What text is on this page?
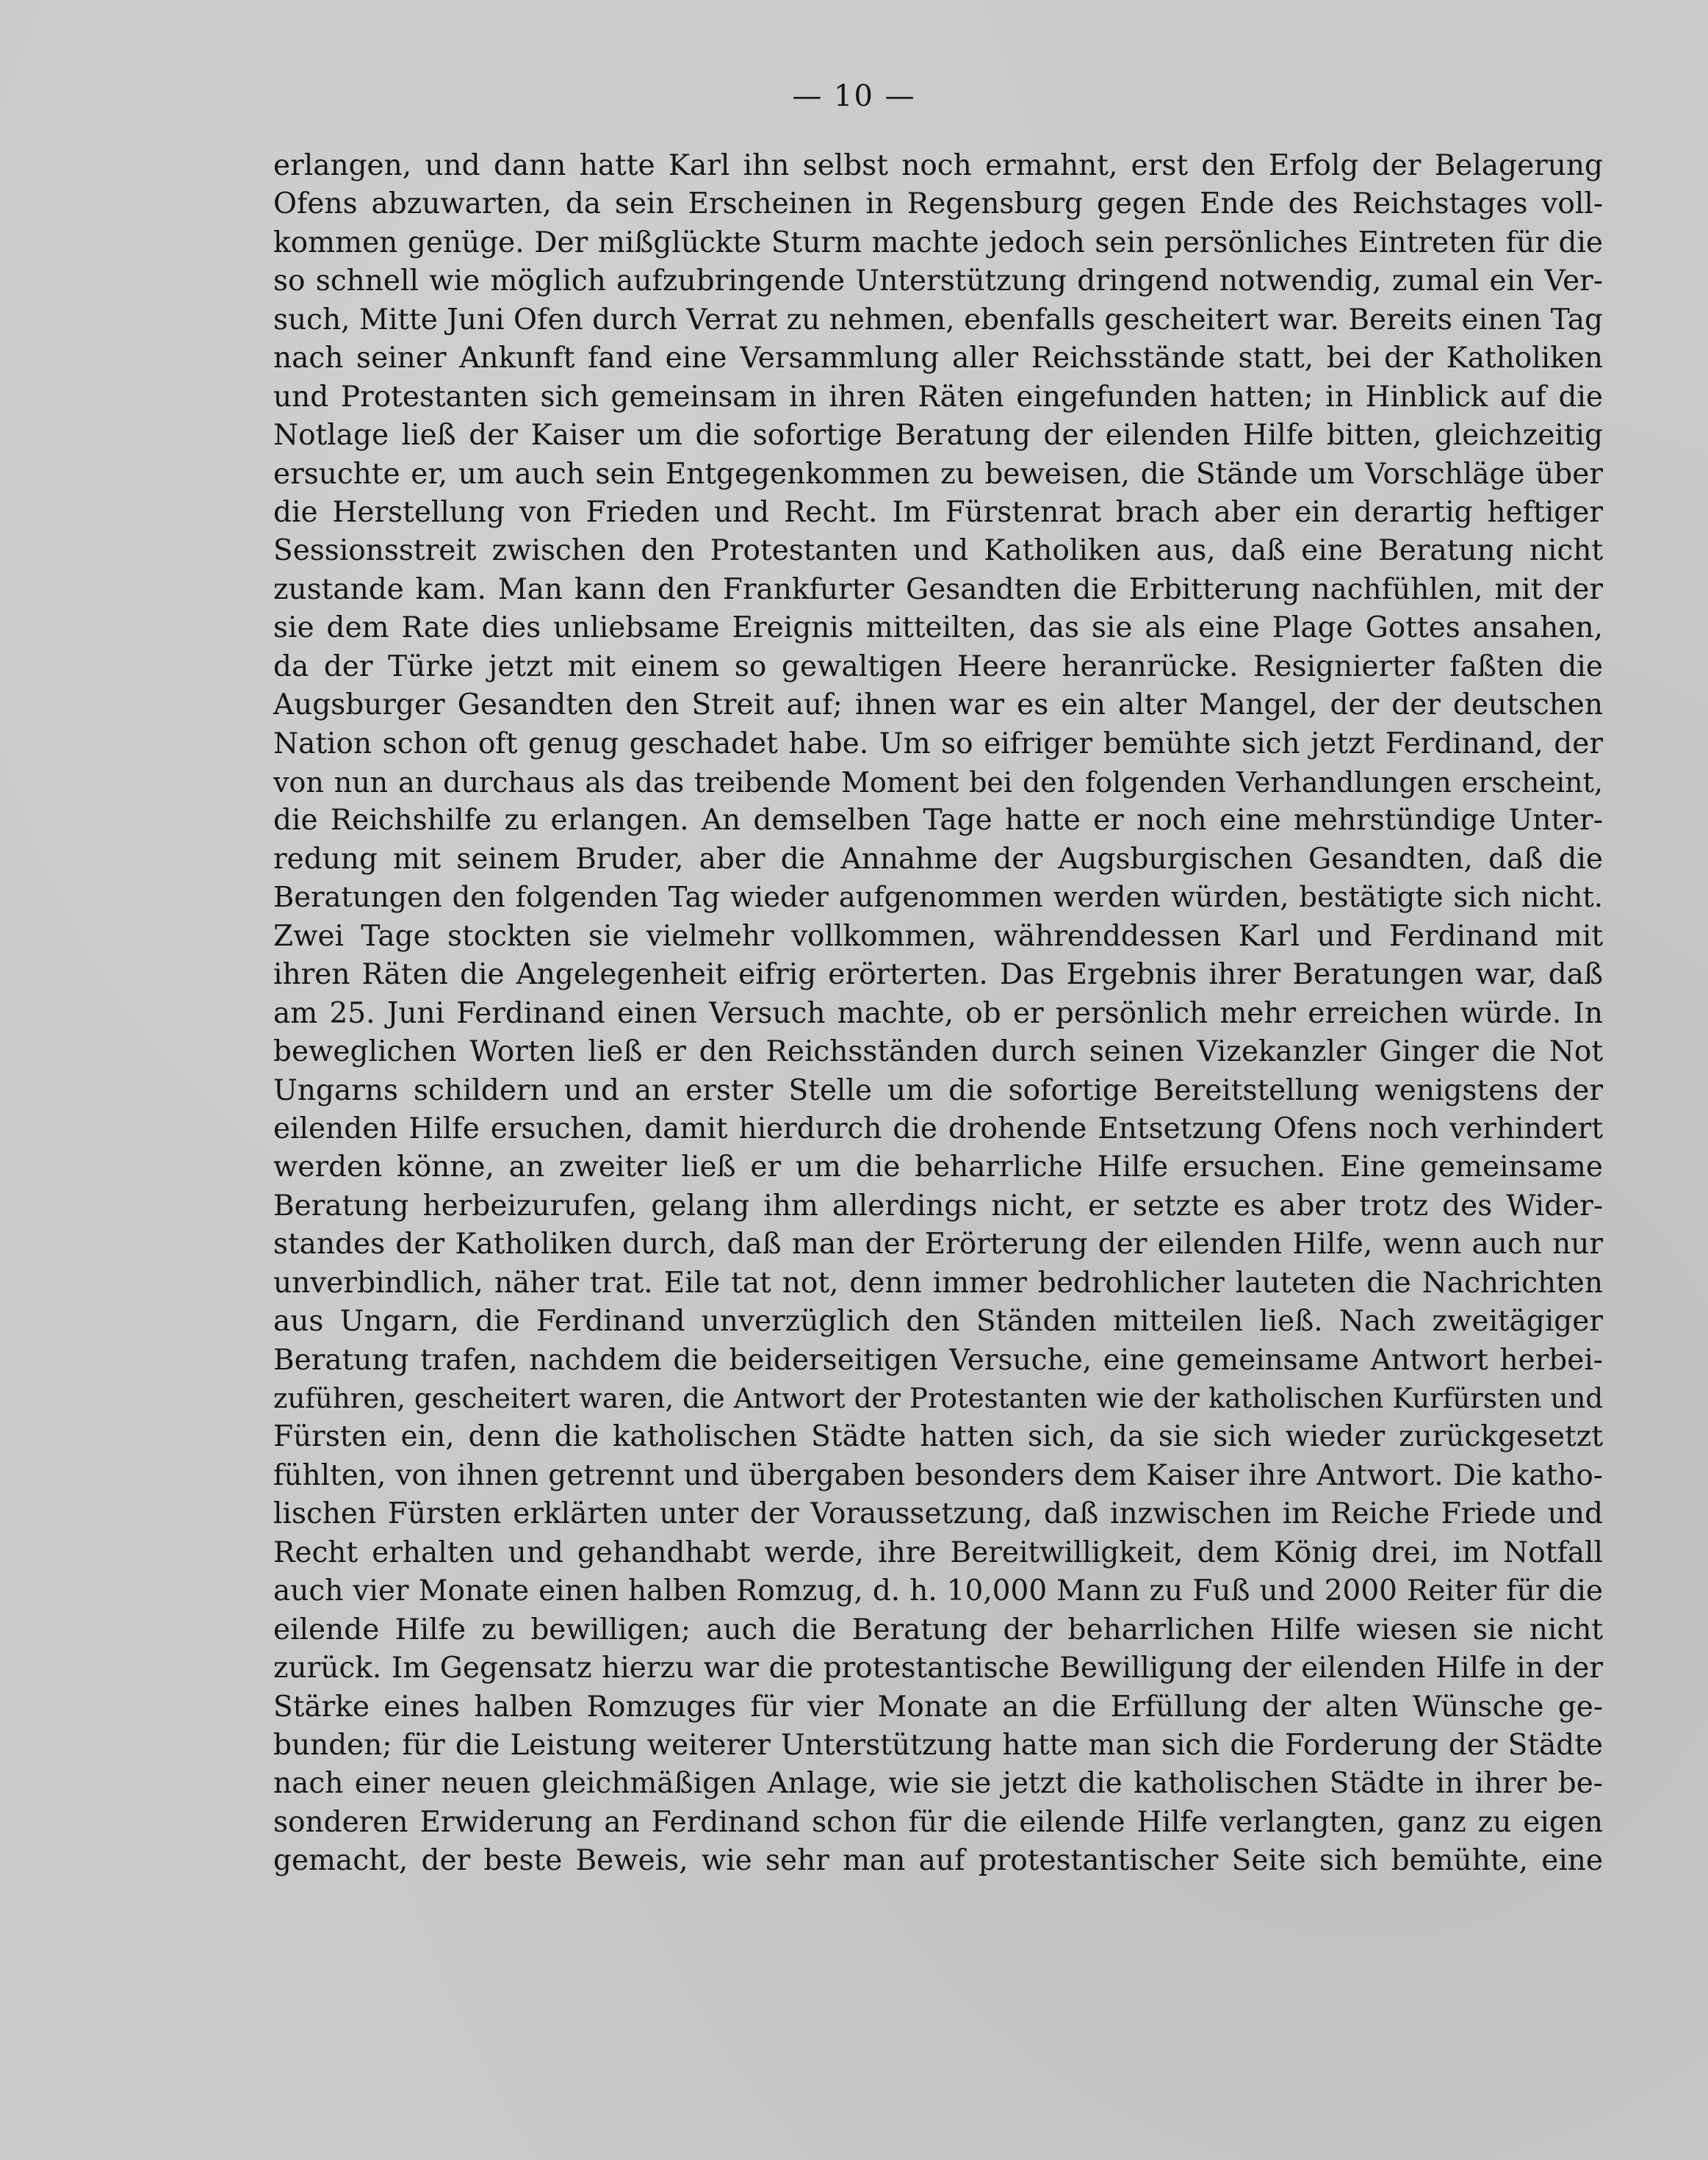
— 10 —
erlangen, und dann hatte Karl ihn selbst noch ermahnt, erst den Erfolg der Belagerung
Ofens abzuwarten, da sein Erscheinen in Regensburg gegen Ende des Reichstages voll-
kommen genüge. Der mißglückte Sturm machte jedoch sein persönliches Eintreten für die
so schnell wie möglich aufzubringende Unterstützung dringend notwendig, zumal ein Ver-
such, Mitte Juni Ofen durch Verrat zu nehmen, ebenfalls gescheitert war. Bereits einen Tag
nach seiner Ankunft fand eine Versammlung aller Reichsstände statt, bei der Katholiken
und Protestanten sich gemeinsam in ihren Räten eingefunden hatten; in Hinblick auf die
Notlage ließ der Kaiser um die sofortige Beratung der eilenden Hilfe bitten, gleichzeitig
ersuchte er, um auch sein Entgegenkommen zu beweisen, die Stände um Vorschläge über
die Herstellung von Frieden und Recht. Im Fürstenrat brach aber ein derartig heftiger
Sessionsstreit zwischen den Protestanten und Katholiken aus, daß eine Beratung nicht
zustande kam. Man kann den Frankfurter Gesandten die Erbitterung nachfühlen, mit der
sie dem Rate dies unliebsame Ereignis mitteilten, das sie als eine Plage Gottes ansahen,
da der Türke jetzt mit einem so gewaltigen Heere heranrücke. Resignierter faßten die
Augsburger Gesandten den Streit auf; ihnen war es ein alter Mangel, der der deutschen
Nation schon oft genug geschadet habe. Um so eifriger bemühte sich jetzt Ferdinand, der
von nun an durchaus als das treibende Moment bei den folgenden Verhandlungen erscheint,
die Reichshilfe zu erlangen. An demselben Tage hatte er noch eine mehrstündige Unter-
redung mit seinem Bruder, aber die Annahme der Augsburgischen Gesandten, daß die
Beratungen den folgenden Tag wieder aufgenommen werden würden, bestätigte sich nicht.
Zwei Tage stockten sie vielmehr vollkommen, währenddessen Karl und Ferdinand mit
ihren Räten die Angelegenheit eifrig erörterten. Das Ergebnis ihrer Beratungen war, daß
am 25. Juni Ferdinand einen Versuch machte, ob er persönlich mehr erreichen würde. In
beweglichen Worten ließ er den Reichsständen durch seinen Vizekanzler Ginger die Not
Ungarns schildern und an erster Stelle um die sofortige Bereitstellung wenigstens der
eilenden Hilfe ersuchen, damit hierdurch die drohende Entsetzung Ofens noch verhindert
werden könne, an zweiter ließ er um die beharrliche Hilfe ersuchen. Eine gemeinsame
Beratung herbeizurufen, gelang ihm allerdings nicht, er setzte es aber trotz des Wider-
standes der Katholiken durch, daß man der Erörterung der eilenden Hilfe, wenn auch nur
unverbindlich, näher trat. Eile tat not, denn immer bedrohlicher lauteten die Nachrichten
aus Ungarn, die Ferdinand unverzüglich den Ständen mitteilen ließ. Nach zweitägiger
Beratung trafen, nachdem die beiderseitigen Versuche, eine gemeinsame Antwort herbei-
zuführen, gescheitert waren, die Antwort der Protestanten wie der katholischen Kurfürsten und
Fürsten ein, denn die katholischen Städte hatten sich, da sie sich wieder zurückgesetzt
fühlten, von ihnen getrennt und übergaben besonders dem Kaiser ihre Antwort. Die katho-
lischen Fürsten erklärten unter der Voraussetzung, daß inzwischen im Reiche Friede und
Recht erhalten und gehandhabt werde, ihre Bereitwilligkeit, dem König drei, im Notfall
auch vier Monate einen halben Romzug, d. h. 10,000 Mann zu Fuß und 2000 Reiter für die
eilende Hilfe zu bewilligen; auch die Beratung der beharrlichen Hilfe wiesen sie nicht
zurück. Im Gegensatz hierzu war die protestantische Bewilligung der eilenden Hilfe in der
Stärke eines halben Romzuges für vier Monate an die Erfüllung der alten Wünsche ge-
bunden; für die Leistung weiterer Unterstützung hatte man sich die Forderung der Städte
nach einer neuen gleichmäßigen Anlage, wie sie jetzt die katholischen Städte in ihrer be-
sonderen Erwiderung an Ferdinand schon für die eilende Hilfe verlangten, ganz zu eigen
gemacht, der beste Beweis, wie sehr man auf protestantischer Seite sich bemühte, eine
